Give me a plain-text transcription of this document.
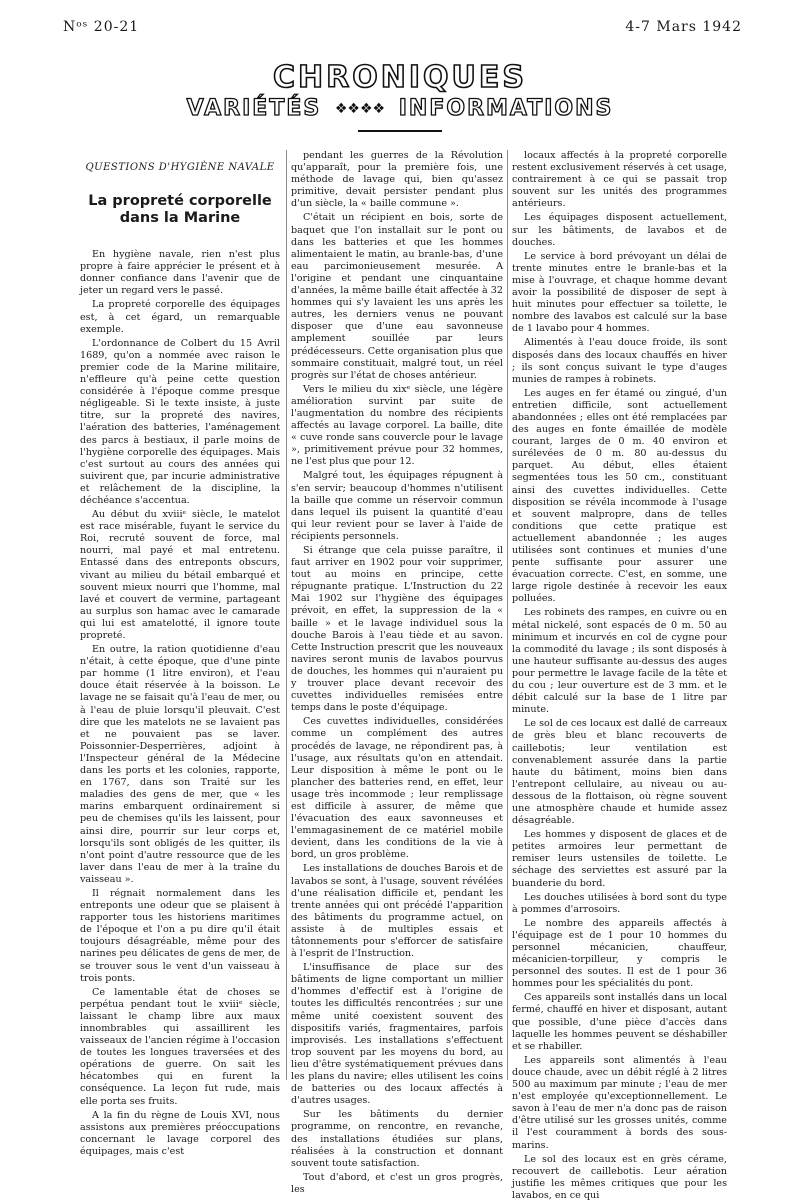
Nᵒˢ 20-21	4-7 Mars 1942
CHRONIQUES
VARIÉTÉS ❖❖❖❖ INFORMATIONS
QUESTIONS D'HYGIÈNE NAVALE
La propreté corporelle dans la Marine

En hygiène navale, rien n'est plus propre à faire apprécier le présent et à donner confiance dans l'avenir que de jeter un regard vers le passé.

La propreté corporelle des équipages est, à cet égard, un remarquable exemple.

L'ordonnance de Colbert du 15 Avril 1689, qu'on a nommée avec raison le premier code de la Marine militaire, n'effleure qu'à peine cette question considérée à l'époque comme presque négligeable. Si le texte insiste, à juste titre, sur la propreté des navires, l'aération des batteries, l'aménagement des parcs à bestiaux, il parle moins de l'hygiène corporelle des équipages. Mais c'est surtout au cours des années qui suivirent que, par incurie administrative et relâchement de la discipline, la déchéance s'accentua.

Au début du xviiiᵉ siècle, le matelot est race misérable, fuyant le service du Roi, recruté souvent de force, mal nourri, mal payé et mal entretenu. Entassé dans des entreponts obscurs, vivant au milieu du bétail embarqué et souvent mieux nourri que l'homme, mal lavé et couvert de vermine, partageant au surplus son hamac avec le camarade qui lui est amatelotté, il ignore toute propreté.

En outre, la ration quotidienne d'eau n'était, à cette époque, que d'une pinte par homme (1 litre environ), et l'eau douce était réservée à la boisson. Le lavage ne se faisait qu'à l'eau de mer, ou à l'eau de pluie lorsqu'il pleuvait. C'est dire que les matelots ne se lavaient pas et ne pouvaient pas se laver. Poissonnier-Desperrières, adjoint à l'Inspecteur général de la Médecine dans les ports et les colonies, rapporte, en 1767, dans son Traité sur les maladies des gens de mer, que « les marins embarquent ordinairement si peu de chemises qu'ils les laissent, pour ainsi dire, pourrir sur leur corps et, lorsqu'ils sont obligés de les quitter, ils n'ont point d'autre ressource que de les laver dans l'eau de mer à la traîne du vaisseau ».

Il régnait normalement dans les entreponts une odeur que se plaisent à rapporter tous les historiens maritimes de l'époque et l'on a pu dire qu'il était toujours désagréable, même pour des narines peu délicates de gens de mer, de se trouver sous le vent d'un vaisseau à trois ponts.

Ce lamentable état de choses se perpétua pendant tout le xviiiᵉ siècle, laissant le champ libre aux maux innombrables qui assaillirent les vaisseaux de l'ancien régime à l'occasion de toutes les longues traversées et des opérations de guerre. On sait les hécatombes qui en furent la conséquence. La leçon fut rude, mais elle porta ses fruits.

A la fin du règne de Louis XVI, nous assistons aux premières préoccupations concernant le lavage corporel des équipages, mais c'est

pendant les guerres de la Révolution qu'apparaît, pour la première fois, une méthode de lavage qui, bien qu'assez primitive, devait persister pendant plus d'un siècle, la « baille commune ».

C'était un récipient en bois, sorte de baquet que l'on installait sur le pont ou dans les batteries et que les hommes alimentaient le matin, au branle-bas, d'une eau parcimonieusement mesurée. A l'origine et pendant une cinquantaine d'années, la même baille était affectée à 32 hommes qui s'y lavaient les uns après les autres, les derniers venus ne pouvant disposer que d'une eau savonneuse amplement souillée par leurs prédécesseurs. Cette organisation plus que sommaire constituait, malgré tout, un réel progrès sur l'état de choses antérieur.

Vers le milieu du xixᵉ siècle, une légère amélioration survint par suite de l'augmentation du nombre des récipients affectés au lavage corporel. La baille, dite « cuve ronde sans couvercle pour le lavage », primitivement prévue pour 32 hommes, ne l'est plus que pour 12.

Malgré tout, les équipages répugnent à s'en servir; beaucoup d'hommes n'utilisent la baille que comme un réservoir commun dans lequel ils puisent la quantité d'eau qui leur revient pour se laver à l'aide de récipients personnels.

Si étrange que cela puisse paraître, il faut arriver en 1902 pour voir supprimer, tout au moins en principe, cette répugnante pratique. L'Instruction du 22 Mai 1902 sur l'hygiène des équipages prévoit, en effet, la suppression de la « baille » et le lavage individuel sous la douche Barois à l'eau tiède et au savon. Cette Instruction prescrit que les nouveaux navires seront munis de lavabos pourvus de douches, les hommes qui n'auraient pu y trouver place devant recevoir des cuvettes individuelles remisées entre temps dans le poste d'équipage.

Ces cuvettes individuelles, considérées comme un complément des autres procédés de lavage, ne répondirent pas, à l'usage, aux résultats qu'on en attendait. Leur disposition à même le pont ou le plancher des batteries rend, en effet, leur usage très incommode ; leur remplissage est difficile à assurer, de même que l'évacuation des eaux savonneuses et l'emmagasinement de ce matériel mobile devient, dans les conditions de la vie à bord, un gros problème.

Les installations de douches Barois et de lavabos se sont, à l'usage, souvent révélées d'une réalisation difficile et, pendant les trente années qui ont précédé l'apparition des bâtiments du programme actuel, on assiste à de multiples essais et tâtonnements pour s'efforcer de satisfaire à l'esprit de l'Instruction.

L'insuffisance de place sur des bâtiments de ligne comportant un millier d'hommes d'effectif est à l'origine de toutes les difficultés rencontrées ; sur une même unité coexistent souvent des dispositifs variés, fragmentaires, parfois improvisés. Les installations s'effectuent trop souvent par les moyens du bord, au lieu d'être systématiquement prévues dans les plans du navire; elles utilisent les coins de batteries ou des locaux affectés à d'autres usages.

Sur les bâtiments du dernier programme, on rencontre, en revanche, des installations étudiées sur plans, réalisées à la construction et donnant souvent toute satisfaction.

Tout d'abord, et c'est un gros progrès, les

locaux affectés à la propreté corporelle restent exclusivement réservés à cet usage, contrairement à ce qui se passait trop souvent sur les unités des programmes antérieurs.

Les équipages disposent actuellement, sur les bâtiments, de lavabos et de douches.

Le service à bord prévoyant un délai de trente minutes entre le branle-bas et la mise à l'ouvrage, et chaque homme devant avoir la possibilité de disposer de sept à huit minutes pour effectuer sa toilette, le nombre des lavabos est calculé sur la base de 1 lavabo pour 4 hommes.

Alimentés à l'eau douce froide, ils sont disposés dans des locaux chauffés en hiver ; ils sont conçus suivant le type d'auges munies de rampes à robinets.

Les auges en fer étamé ou zingué, d'un entretien difficile, sont actuellement abandonnées ; elles ont été remplacées par des auges en fonte émaillée de modèle courant, larges de 0 m. 40 environ et surélevées de 0 m. 80 au-dessus du parquet. Au début, elles étaient segmentées tous les 50 cm., constituant ainsi des cuvettes individuelles. Cette disposition se révéla incommode à l'usage et souvent malpropre, dans de telles conditions que cette pratique est actuellement abandonnée ; les auges utilisées sont continues et munies d'une pente suffisante pour assurer une évacuation correcte. C'est, en somme, une large rigole destinée à recevoir les eaux polluées.

Les robinets des rampes, en cuivre ou en métal nickelé, sont espacés de 0 m. 50 au minimum et incurvés en col de cygne pour la commodité du lavage ; ils sont disposés à une hauteur suffisante au-dessus des auges pour permettre le lavage facile de la tête et du cou ; leur ouverture est de 3 mm. et le débit calculé sur la base de 1 litre par minute.

Le sol de ces locaux est dallé de carreaux de grès bleu et blanc recouverts de caillebotis; leur ventilation est convenablement assurée dans la partie haute du bâtiment, moins bien dans l'entrepont cellulaire, au niveau ou au-dessous de la flottaison, où règne souvent une atmosphère chaude et humide assez désagréable.

Les hommes y disposent de glaces et de petites armoires leur permettant de remiser leurs ustensiles de toilette. Le séchage des serviettes est assuré par la buanderie du bord.

Les douches utilisées à bord sont du type à pommes d'arrosoirs.

Le nombre des appareils affectés à l'équipage est de 1 pour 10 hommes du personnel mécanicien, chauffeur, mécanicien-torpilleur, y compris le personnel des soutes. Il est de 1 pour 36 hommes pour les spécialités du pont.

Ces appareils sont installés dans un local fermé, chauffé en hiver et disposant, autant que possible, d'une pièce d'accès dans laquelle les hommes peuvent se déshabiller et se rhabiller.

Les appareils sont alimentés à l'eau douce chaude, avec un débit réglé à 2 litres 500 au maximum par minute ; l'eau de mer n'est employée qu'exceptionnellement. Le savon à l'eau de mer n'a donc pas de raison d'être utilisé sur les grosses unités, comme il l'est couramment à bords des sous-marins.

Le sol des locaux est en grès cérame, recouvert de caillebotis. Leur aération justifie les mêmes critiques que pour les lavabos, en ce qui
